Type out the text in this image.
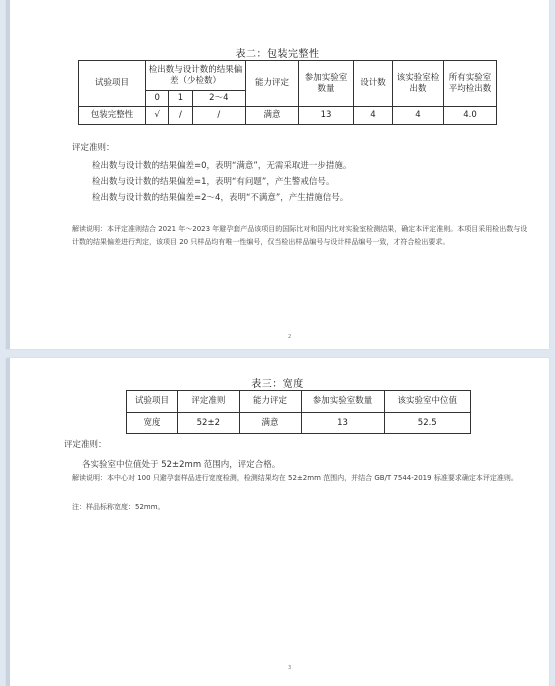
表二：包装完整性
试验项目	检出数与设计数的结果偏差（少检数）			能力评定	参加实验室数量	设计数	该实验室检出数	所有实验室平均检出数
	0	1	2～4					
包装完整性	√	/	/	满意	13	4	4	4.0
评定准则：
检出数与设计数的结果偏差=0，表明“满意”，无需采取进一步措施。
检出数与设计数的结果偏差=1，表明“有问题”，产生警戒信号。
检出数与设计数的结果偏差=2～4，表明“不满意”，产生措施信号。
解读说明：本评定准则结合 2021 年～2023 年避孕套产品该项目的国际比对和国内比对实验室检测结果，确定本评定准则。本项目采用检出数与设计数的结果偏差进行判定，该项目 20 只样品均有唯一性编号，仅当检出样品编号与设计样品编号一致，才符合检出要求。
2
表三：宽度
试验项目	评定准则	能力评定	参加实验室数量	该实验室中位值
宽度	52±2	满意	13	52.5
评定准则：
各实验室中位值处于 52±2mm 范围内，评定合格。
解读说明：本中心对 100 只避孕套样品进行宽度检测，检测结果均在 52±2mm 范围内，并结合 GB/T 7544-2019 标准要求确定本评定准则。
注：样品标称宽度：52mm。
3
